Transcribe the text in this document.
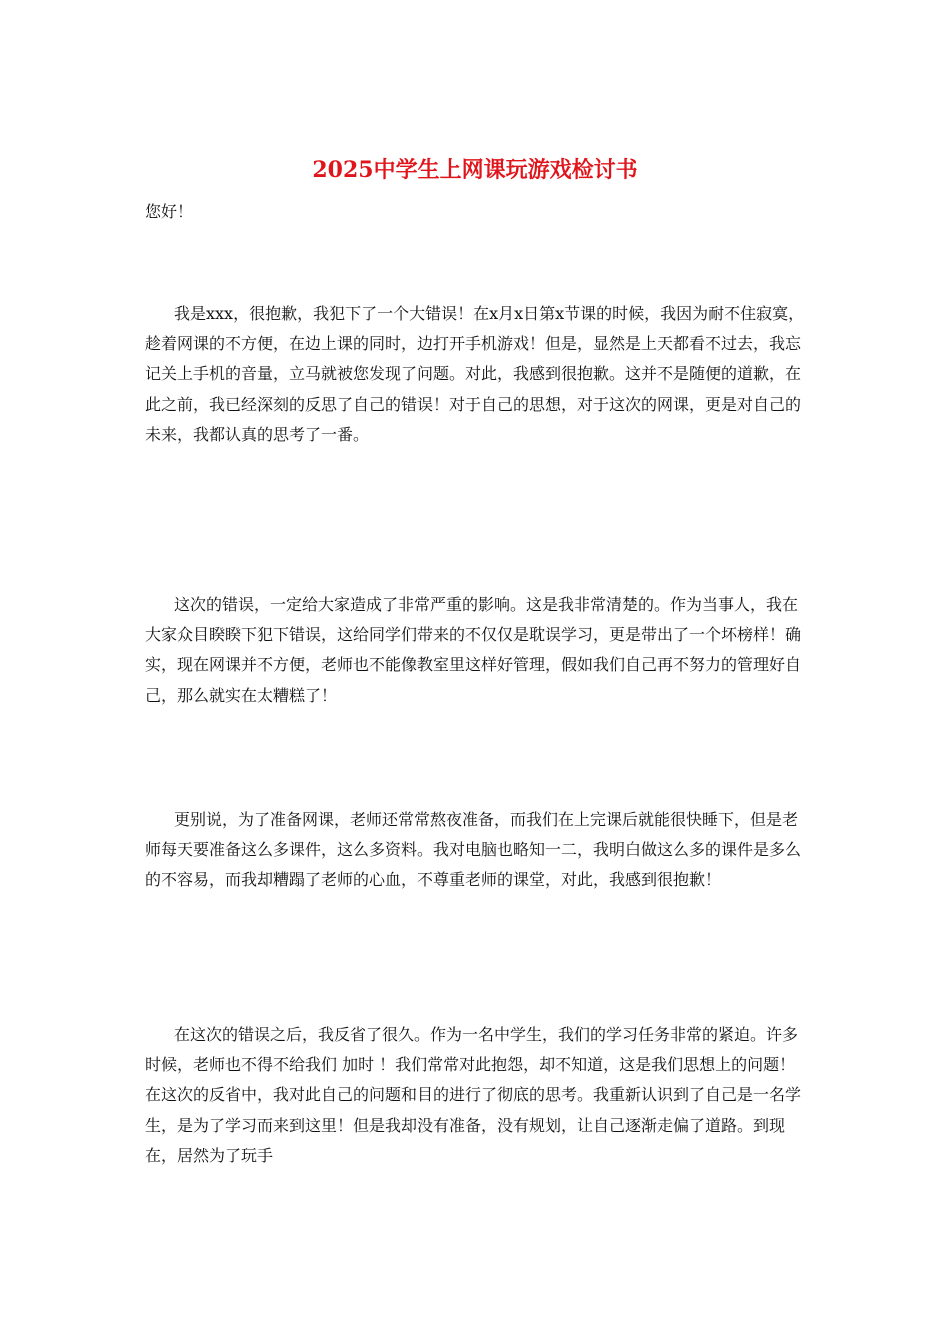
2025中学生上网课玩游戏检讨书

您好！

我是xxx，很抱歉，我犯下了一个大错误！在x月x日第x节课的时候，我因为耐不住寂寞，趁着网课的不方便，在边上课的同时，边打开手机游戏！但是，显然是上天都看不过去，我忘记关上手机的音量，立马就被您发现了问题。对此，我感到很抱歉。这并不是随便的道歉，在此之前，我已经深刻的反思了自己的错误！对于自己的思想，对于这次的网课，更是对自己的未来，我都认真的思考了一番。

这次的错误，一定给大家造成了非常严重的影响。这是我非常清楚的。作为当事人，我在大家众目睽睽下犯下错误，这给同学们带来的不仅仅是耽误学习，更是带出了一个坏榜样！确实，现在网课并不方便，老师也不能像教室里这样好管理，假如我们自己再不努力的管理好自己，那么就实在太糟糕了！

更别说，为了准备网课，老师还常常熬夜准备，而我们在上完课后就能很快睡下，但是老师每天要准备这么多课件，这么多资料。我对电脑也略知一二，我明白做这么多的课件是多么的不容易，而我却糟蹋了老师的心血，不尊重老师的课堂，对此，我感到很抱歉！

在这次的错误之后，我反省了很久。作为一名中学生，我们的学习任务非常的紧迫。许多时候，老师也不得不给我们 加时 ！我们常常对此抱怨，却不知道，这是我们思想上的问题！在这次的反省中，我对此自己的问题和目的进行了彻底的思考。我重新认识到了自己是一名学生，是为了学习而来到这里！但是我却没有准备，没有规划，让自己逐渐走偏了道路。到现在，居然为了玩手
